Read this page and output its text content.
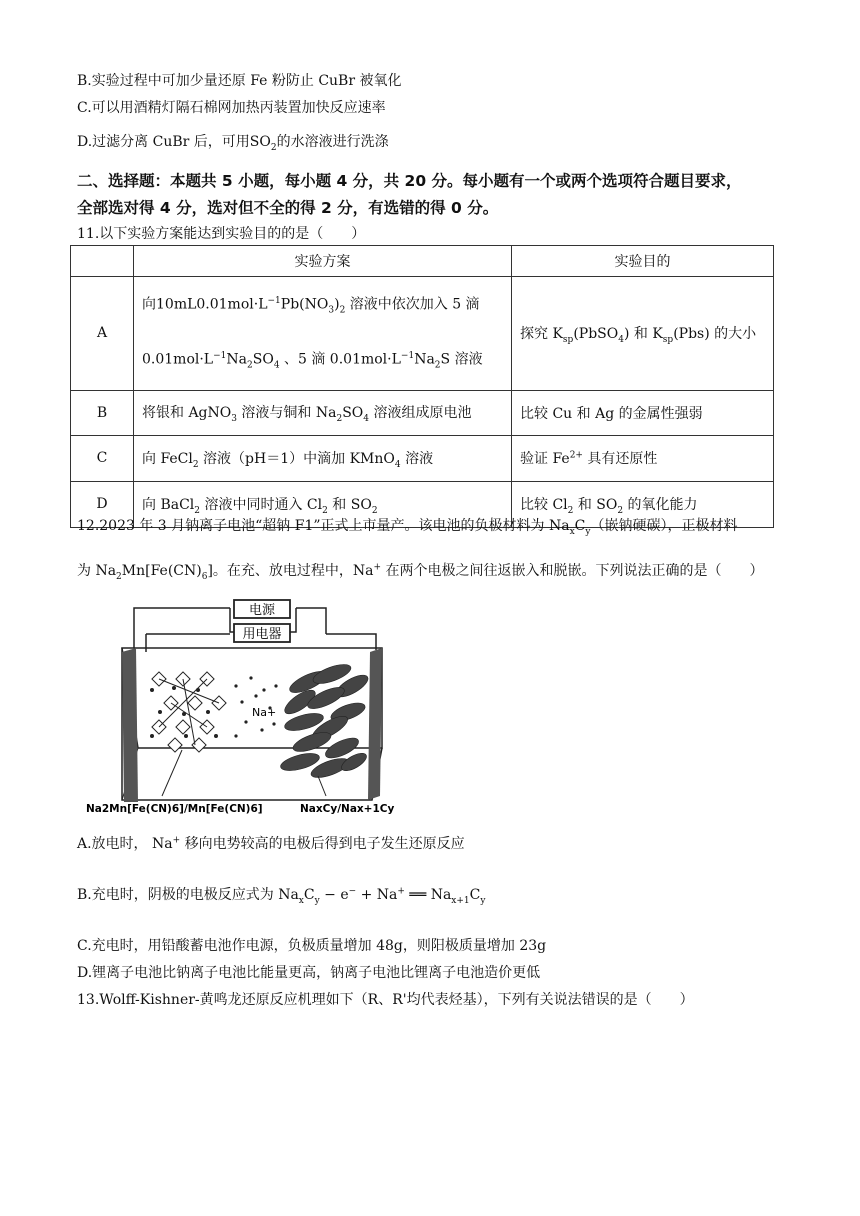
B.实验过程中可加少量还原 Fe 粉防止 CuBr 被氧化
C.可以用酒精灯隔石棉网加热丙装置加快反应速率
D.过滤分离 CuBr 后，可用$SO_2$的水溶液进行洗涤
二、选择题：本题共 5 小题，每小题 4 分，共 20 分。每小题有一个或两个选项符合题目要求，
全部选对得 4 分，选对但不全的得 2 分，有选错的得 0 分。
11.以下实验方案能达到实验目的的是（　　）
	实验方案	实验目的
A	向$10mL0.01mol\cdot L^{-1}Pb(NO_3)_2$ 溶液中依次加入 5 滴
$0.01mol\cdot L^{-1}Na_2SO_4$ 、5 滴 $0.01mol\cdot L^{-1}Na_2S$ 溶液	探究 $K_{sp}(PbSO_4)$ 和 $K_{sp}(Pbs)$ 的大小
B	将银和 AgNO$_3$ 溶液与铜和 $Na_2SO_4$ 溶液组成原电池	比较 Cu 和 Ag 的金属性强弱
C	向 FeCl$_2$ 溶液（pH＝1）中滴加 KMnO$_4$ 溶液	验证 $Fe^{2+}$ 具有还原性
D	向 BaCl$_2$ 溶液中同时通入 $Cl_2$ 和 $SO_2$	比较 $Cl_2$ 和 $SO_2$ 的氧化能力
12.2023 年 3 月钠离子电池“超钠 F1”正式上市量产。该电池的负极材料为 $Na_xC_y$（嵌钠硬碳），正极材料
为 $Na_2Mn[Fe(CN)_6]$。在充、放电过程中，Na+ 在两个电极之间往返嵌入和脱嵌。下列说法正确的是（　　）
电源
用电器
Na+
Na2Mn[Fe(CN)6]/Mn[Fe(CN)6]	NaxCy/Nax+1Cy
A.放电时， Na+ 移向电势较高的电极后得到电子发生还原反应
B.充电时，阴极的电极反应式为 $Na_xC_y - e^- + Na^+$ ══ $Na_{x+1}C_y$
C.充电时，用铅酸蓄电池作电源，负极质量增加 48g，则阳极质量增加 23g
D.锂离子电池比钠离子电池比能量更高，钠离子电池比锂离子电池造价更低
13.Wolff-Kishner-黄鸣龙还原反应机理如下（R、R'均代表烃基），下列有关说法错误的是（　　）
